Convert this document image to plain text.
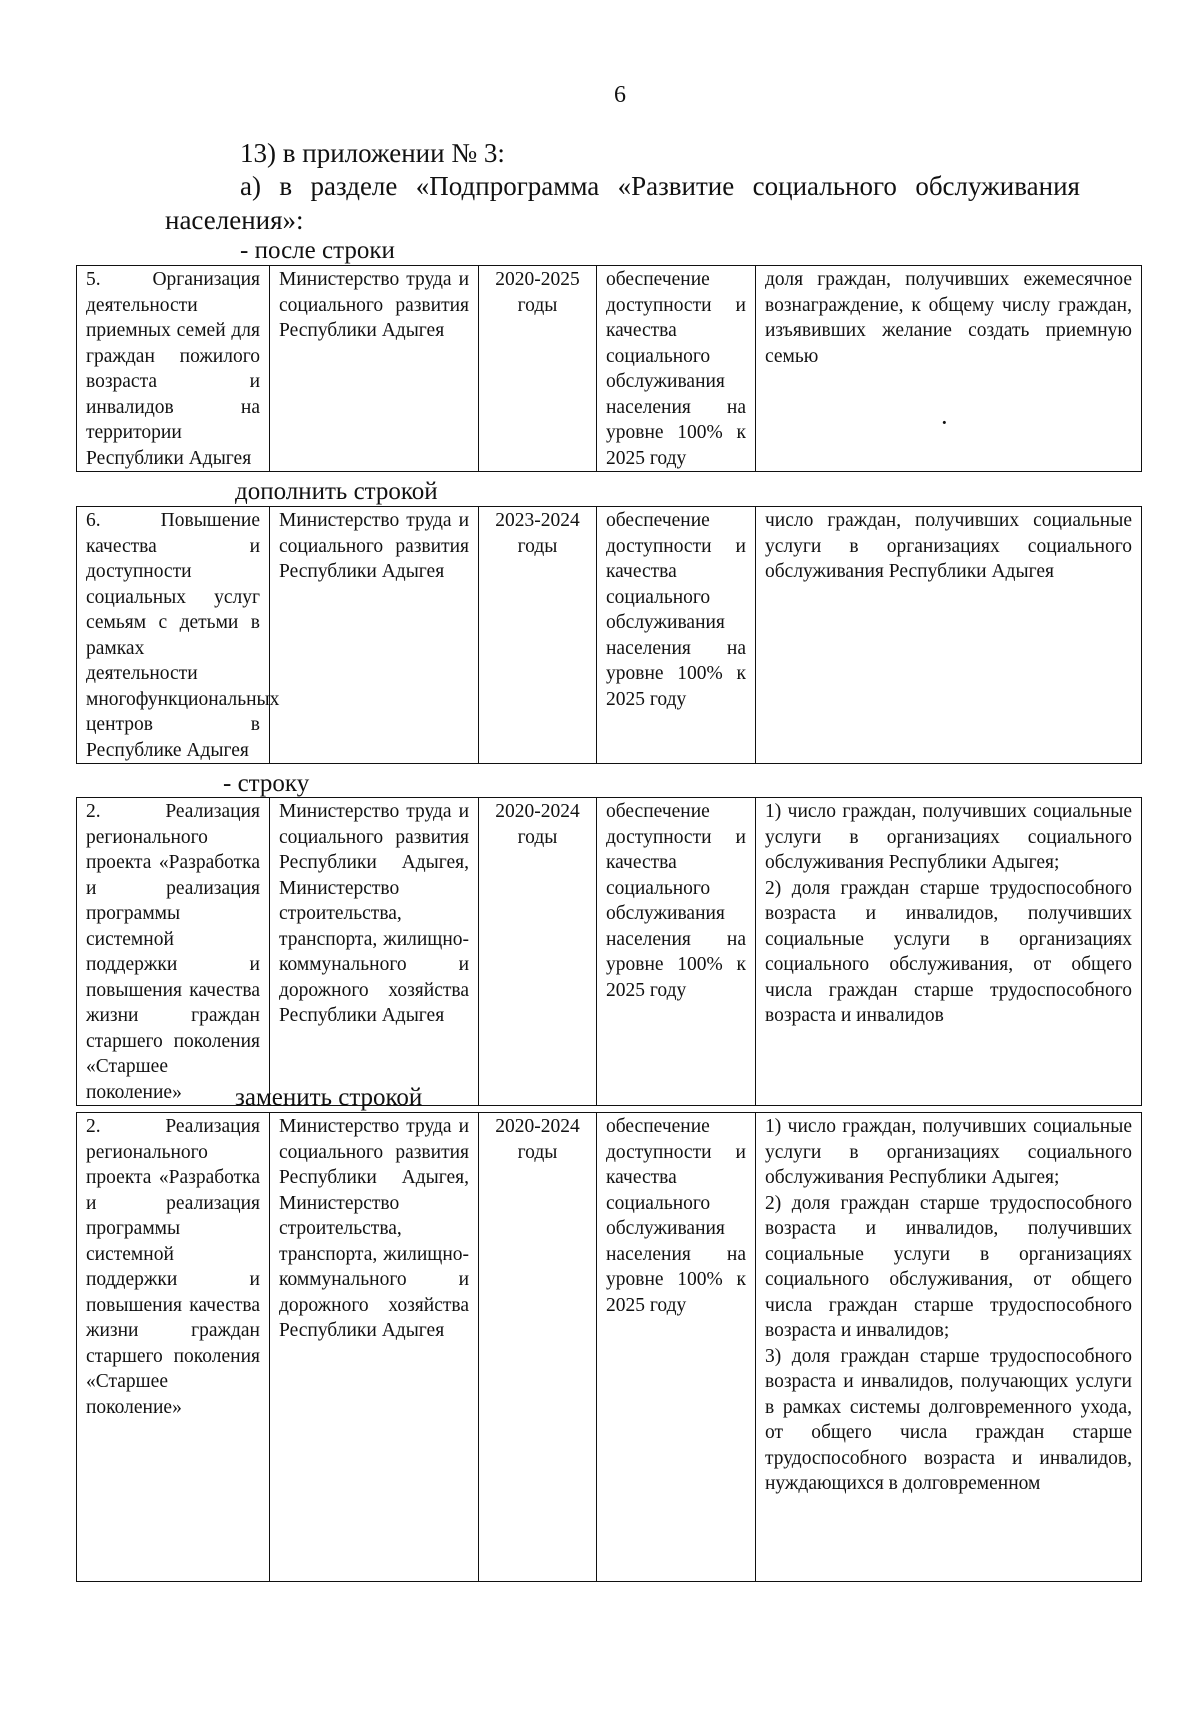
6
13) в приложении № 3:
а) в разделе «Подпрограмма «Развитие социального обслуживания
населения»:
- после строки
5. Организация деятельности приемных семей для граждан пожилого возраста и инвалидов на территории Республики Адыгея	Министерство труда и социального развития Республики Адыгея	2020-2025 годы	обеспечение доступности и качества социального обслуживания населения на уровне 100% к 2025 году	доля граждан, получивших ежемесячное вознаграждение, к общему числу граждан, изъявивших желание создать приемную семью
·
дополнить строкой
6. Повышение качества и доступности социальных услуг семьям с детьми в рамках деятельности многофункциональных центров в Республике Адыгея	Министерство труда и социального развития Республики Адыгея	2023-2024 годы	обеспечение доступности и качества социального обслуживания населения на уровне 100% к 2025 году	число граждан, получивших социальные услуги в организациях социального обслуживания Республики Адыгея
- строку
2. Реализация регионального проекта «Разработка и реализация программы системной поддержки и повышения качества жизни граждан старшего поколения «Старшее поколение»	Министерство труда и социального развития Республики Адыгея, Министерство строительства, транспорта, жилищно-коммунального и дорожного хозяйства Республики Адыгея	2020-2024 годы	обеспечение доступности и качества социального обслуживания населения на уровне 100% к 2025 году	1) число граждан, получивших социальные услуги в организациях социального обслуживания Республики Адыгея;
2) доля граждан старше трудоспособного возраста и инвалидов, получивших социальные услуги в организациях социального обслуживания, от общего числа граждан старше трудоспособного возраста и инвалидов
заменить строкой
2. Реализация регионального проекта «Разработка и реализация программы системной поддержки и повышения качества жизни граждан старшего поколения «Старшее поколение»	Министерство труда и социального развития Республики Адыгея, Министерство строительства, транспорта, жилищно-коммунального и дорожного хозяйства Республики Адыгея	2020-2024 годы	обеспечение доступности и качества социального обслуживания населения на уровне 100% к 2025 году	1) число граждан, получивших социальные услуги в организациях социального обслуживания Республики Адыгея;
2) доля граждан старше трудоспособного возраста и инвалидов, получивших социальные услуги в организациях социального обслуживания, от общего числа граждан старше трудоспособного возраста и инвалидов;
3) доля граждан старше трудоспособного возраста и инвалидов, получающих услуги в рамках системы долговременного ухода, от общего числа граждан старше трудоспособного возраста и инвалидов, нуждающихся в долговременном
